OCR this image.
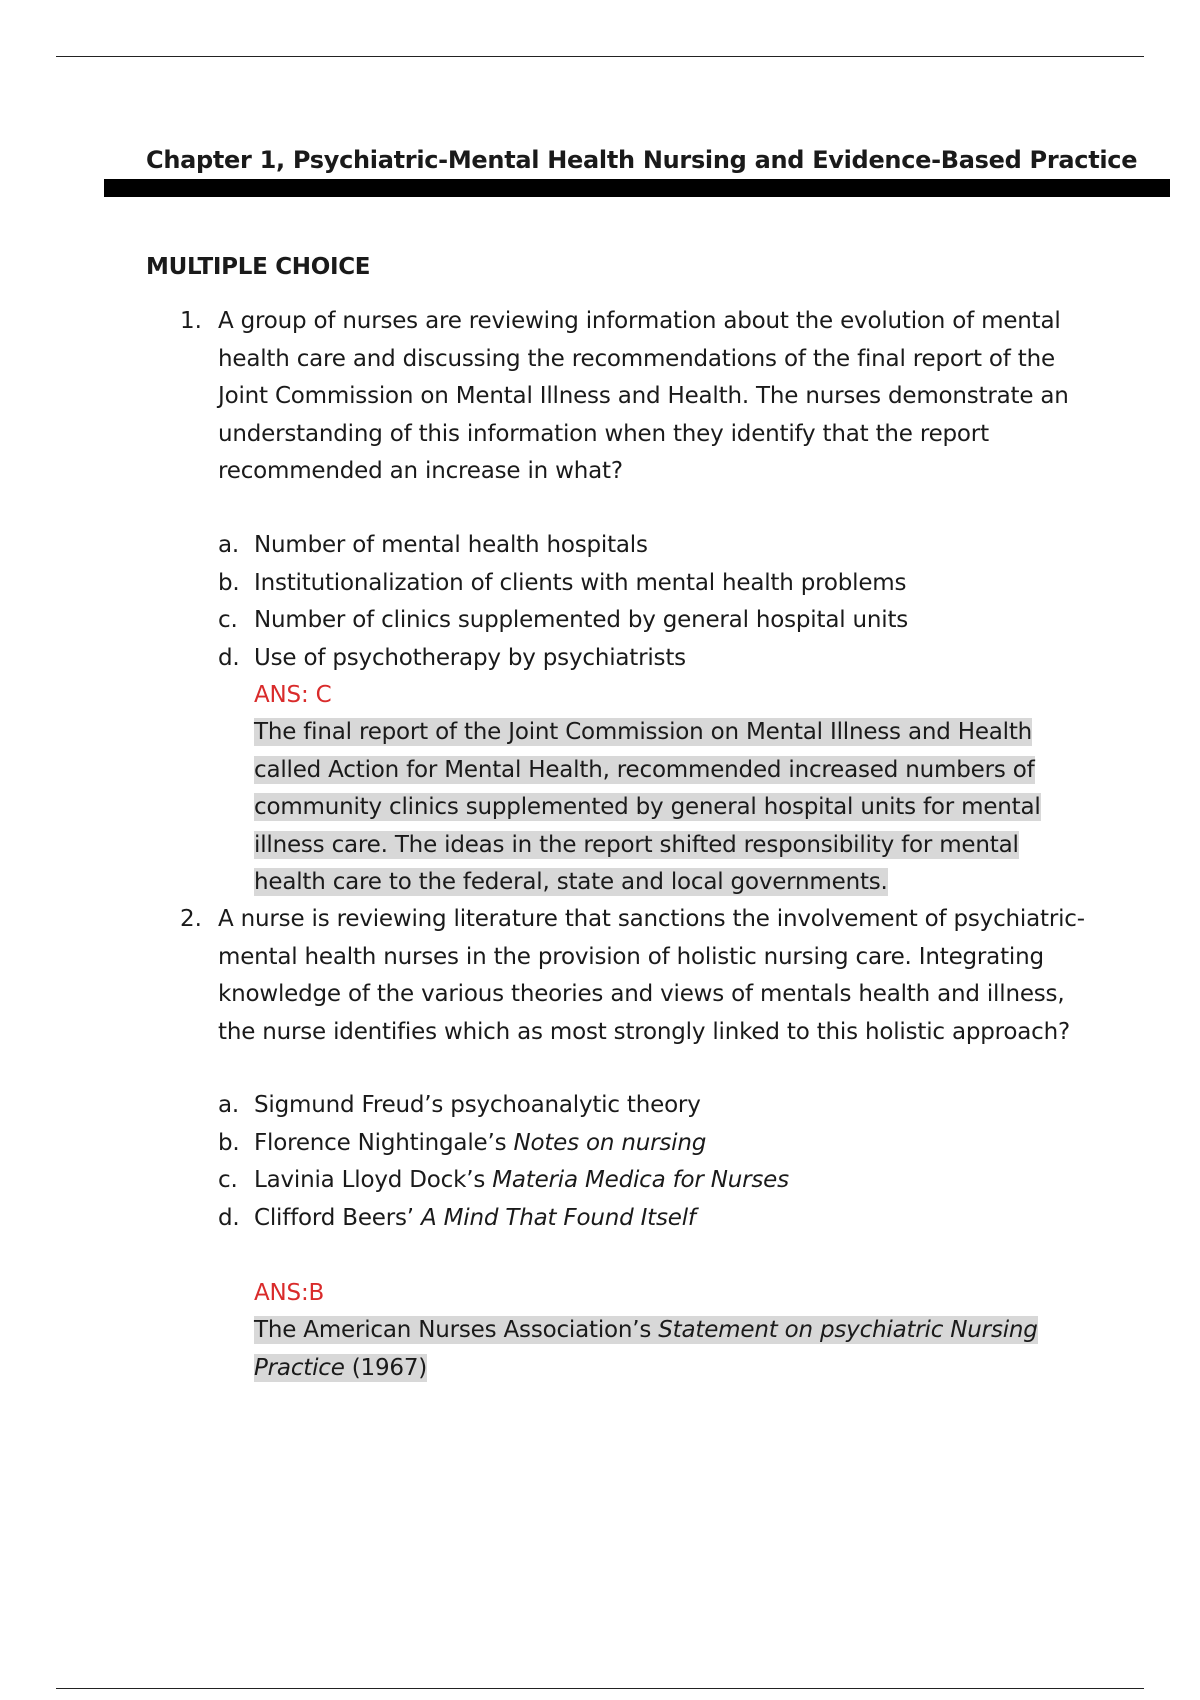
Chapter 1, Psychiatric-Mental Health Nursing and Evidence-Based Practice
MULTIPLE CHOICE
1. A group of nurses are reviewing information about the evolution of mental
health care and discussing the recommendations of the final report of the
Joint Commission on Mental Illness and Health. The nurses demonstrate an
understanding of this information when they identify that the report
recommended an increase in what?
a. Number of mental health hospitals
b. Institutionalization of clients with mental health problems
c. Number of clinics supplemented by general hospital units
d. Use of psychotherapy by psychiatrists
ANS: C
The final report of the Joint Commission on Mental Illness and Health
called Action for Mental Health, recommended increased numbers of
community clinics supplemented by general hospital units for mental
illness care. The ideas in the report shifted responsibility for mental
health care to the federal, state and local governments.
2. A nurse is reviewing literature that sanctions the involvement of psychiatric-
mental health nurses in the provision of holistic nursing care. Integrating
knowledge of the various theories and views of mentals health and illness,
the nurse identifies which as most strongly linked to this holistic approach?
a. Sigmund Freud’s psychoanalytic theory
b. Florence Nightingale’s Notes on nursing
c. Lavinia Lloyd Dock’s Materia Medica for Nurses
d. Clifford Beers’ A Mind That Found Itself
ANS:B
The American Nurses Association’s Statement on psychiatric Nursing
Practice (1967)
